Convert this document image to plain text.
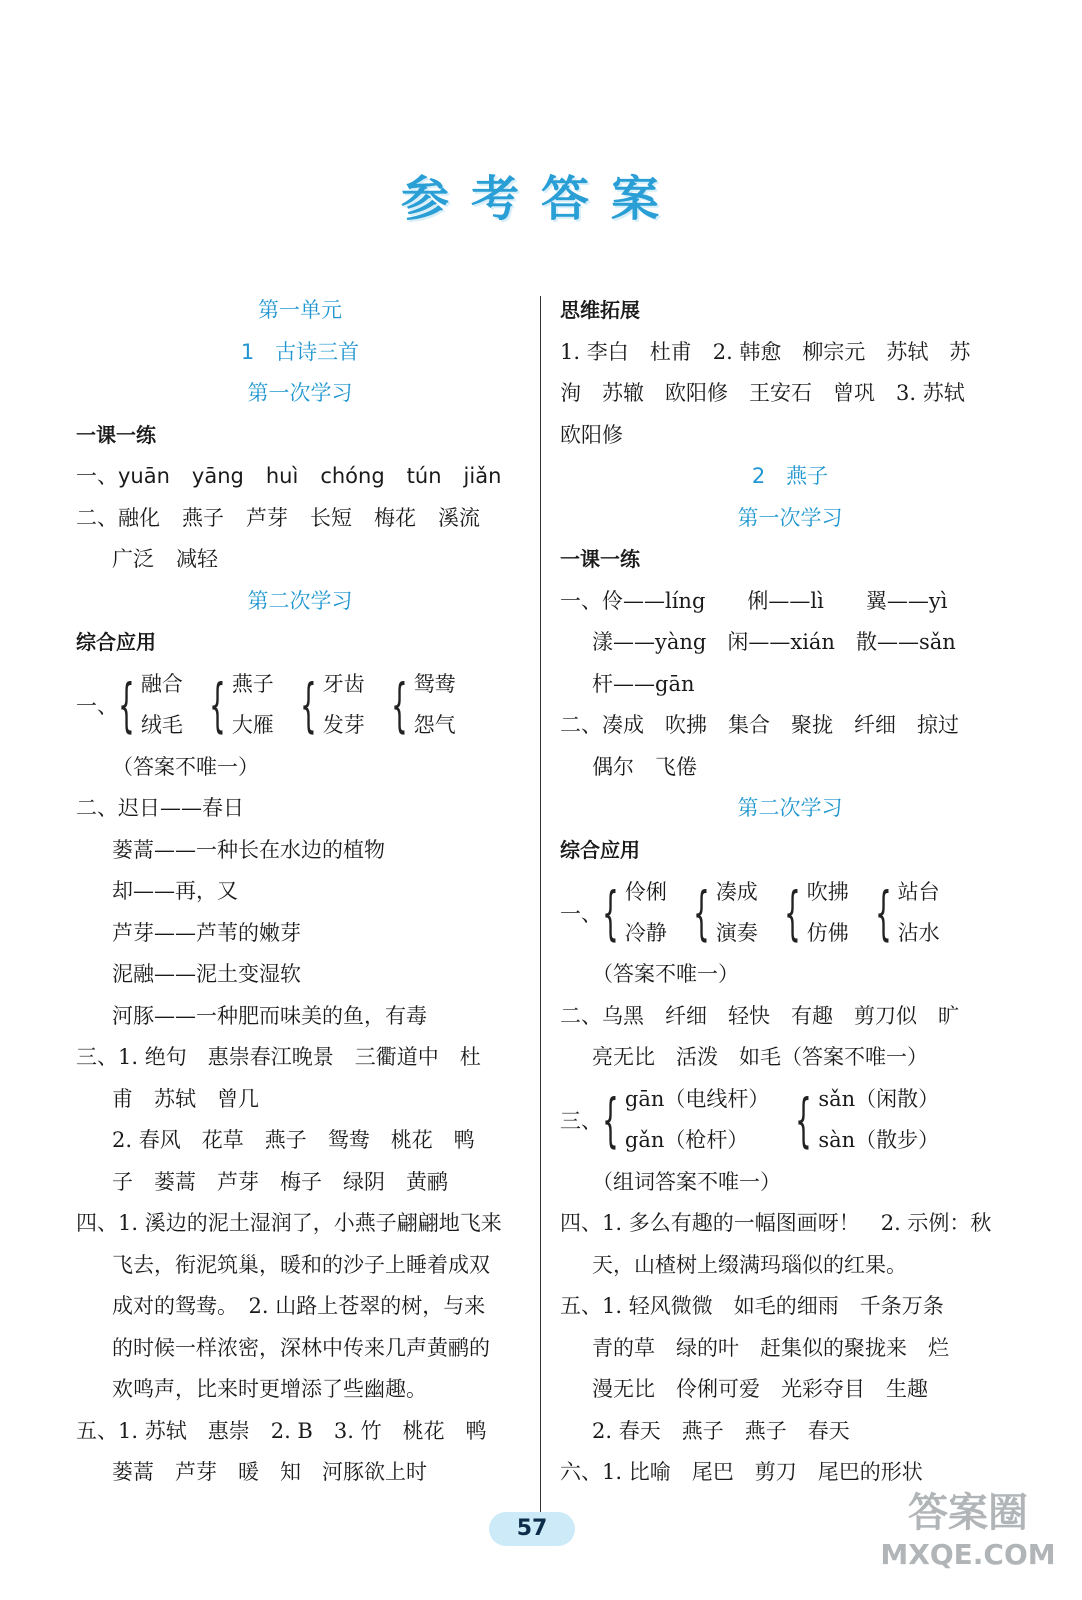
参考答案
第一单元
1　古诗三首
第一次学习
一课一练
一、yuān yāng huì chóng tún jiǎn
二、融化 燕子 芦芽 长短 梅花 溪流
广泛 减轻
第二次学习
综合应用
一、 { 融合
绒毛 { 燕子
大雁 { 牙齿
发芽 { 鸳鸯
怨气
（答案不唯一）
二、迟日——春日
蒌蒿——一种长在水边的植物
却——再，又
芦芽——芦苇的嫩芽
泥融——泥土变湿软
河豚——一种肥而味美的鱼，有毒
三、1. 绝句　惠崇春江晚景　三衢道中　杜
甫　苏轼　曾几
2. 春风　花草　燕子　鸳鸯　桃花　鸭
子　蒌蒿　芦芽　梅子　绿阴　黄鹂
四、1. 溪边的泥土湿润了，小燕子翩翩地飞来
飞去，衔泥筑巢，暖和的沙子上睡着成双
成对的鸳鸯。　2. 山路上苍翠的树，与来
的时候一样浓密，深林中传来几声黄鹂的
欢鸣声，比来时更增添了些幽趣。
五、1. 苏轼　惠崇　2. B　3. 竹　桃花　鸭
蒌蒿　芦芽　暖　知　河豚欲上时
思维拓展
1. 李白　杜甫　2. 韩愈　柳宗元　苏轼　苏
洵　苏辙　欧阳修　王安石　曾巩　3. 苏轼
欧阳修
2　燕子
第一次学习
一课一练
一、伶——líng　　俐——lì　　翼——yì
漾——yàng　闲——xián　散——sǎn
杆——gān
二、凑成　吹拂　集合　聚拢　纤细　掠过
偶尔　飞倦
第二次学习
综合应用
一、 { 伶俐
冷静 { 凑成
演奏 { 吹拂
仿佛 { 站台
沾水
（答案不唯一）
二、乌黑　纤细　轻快　有趣　剪刀似　旷
亮无比　活泼　如毛（答案不唯一）
三、 { gān（电线杆）
gǎn（枪杆） { sǎn（闲散）
sàn（散步）
（组词答案不唯一）
四、1. 多么有趣的一幅图画呀！　2. 示例：秋
天，山楂树上缀满玛瑙似的红果。
五、1. 轻风微微　如毛的细雨　千条万条
青的草　绿的叶　赶集似的聚拢来　烂
漫无比　伶俐可爱　光彩夺目　生趣
2. 春天　燕子　燕子　春天
六、1. 比喻　尾巴　剪刀　尾巴的形状
57	答案圈
MXQE.COM
